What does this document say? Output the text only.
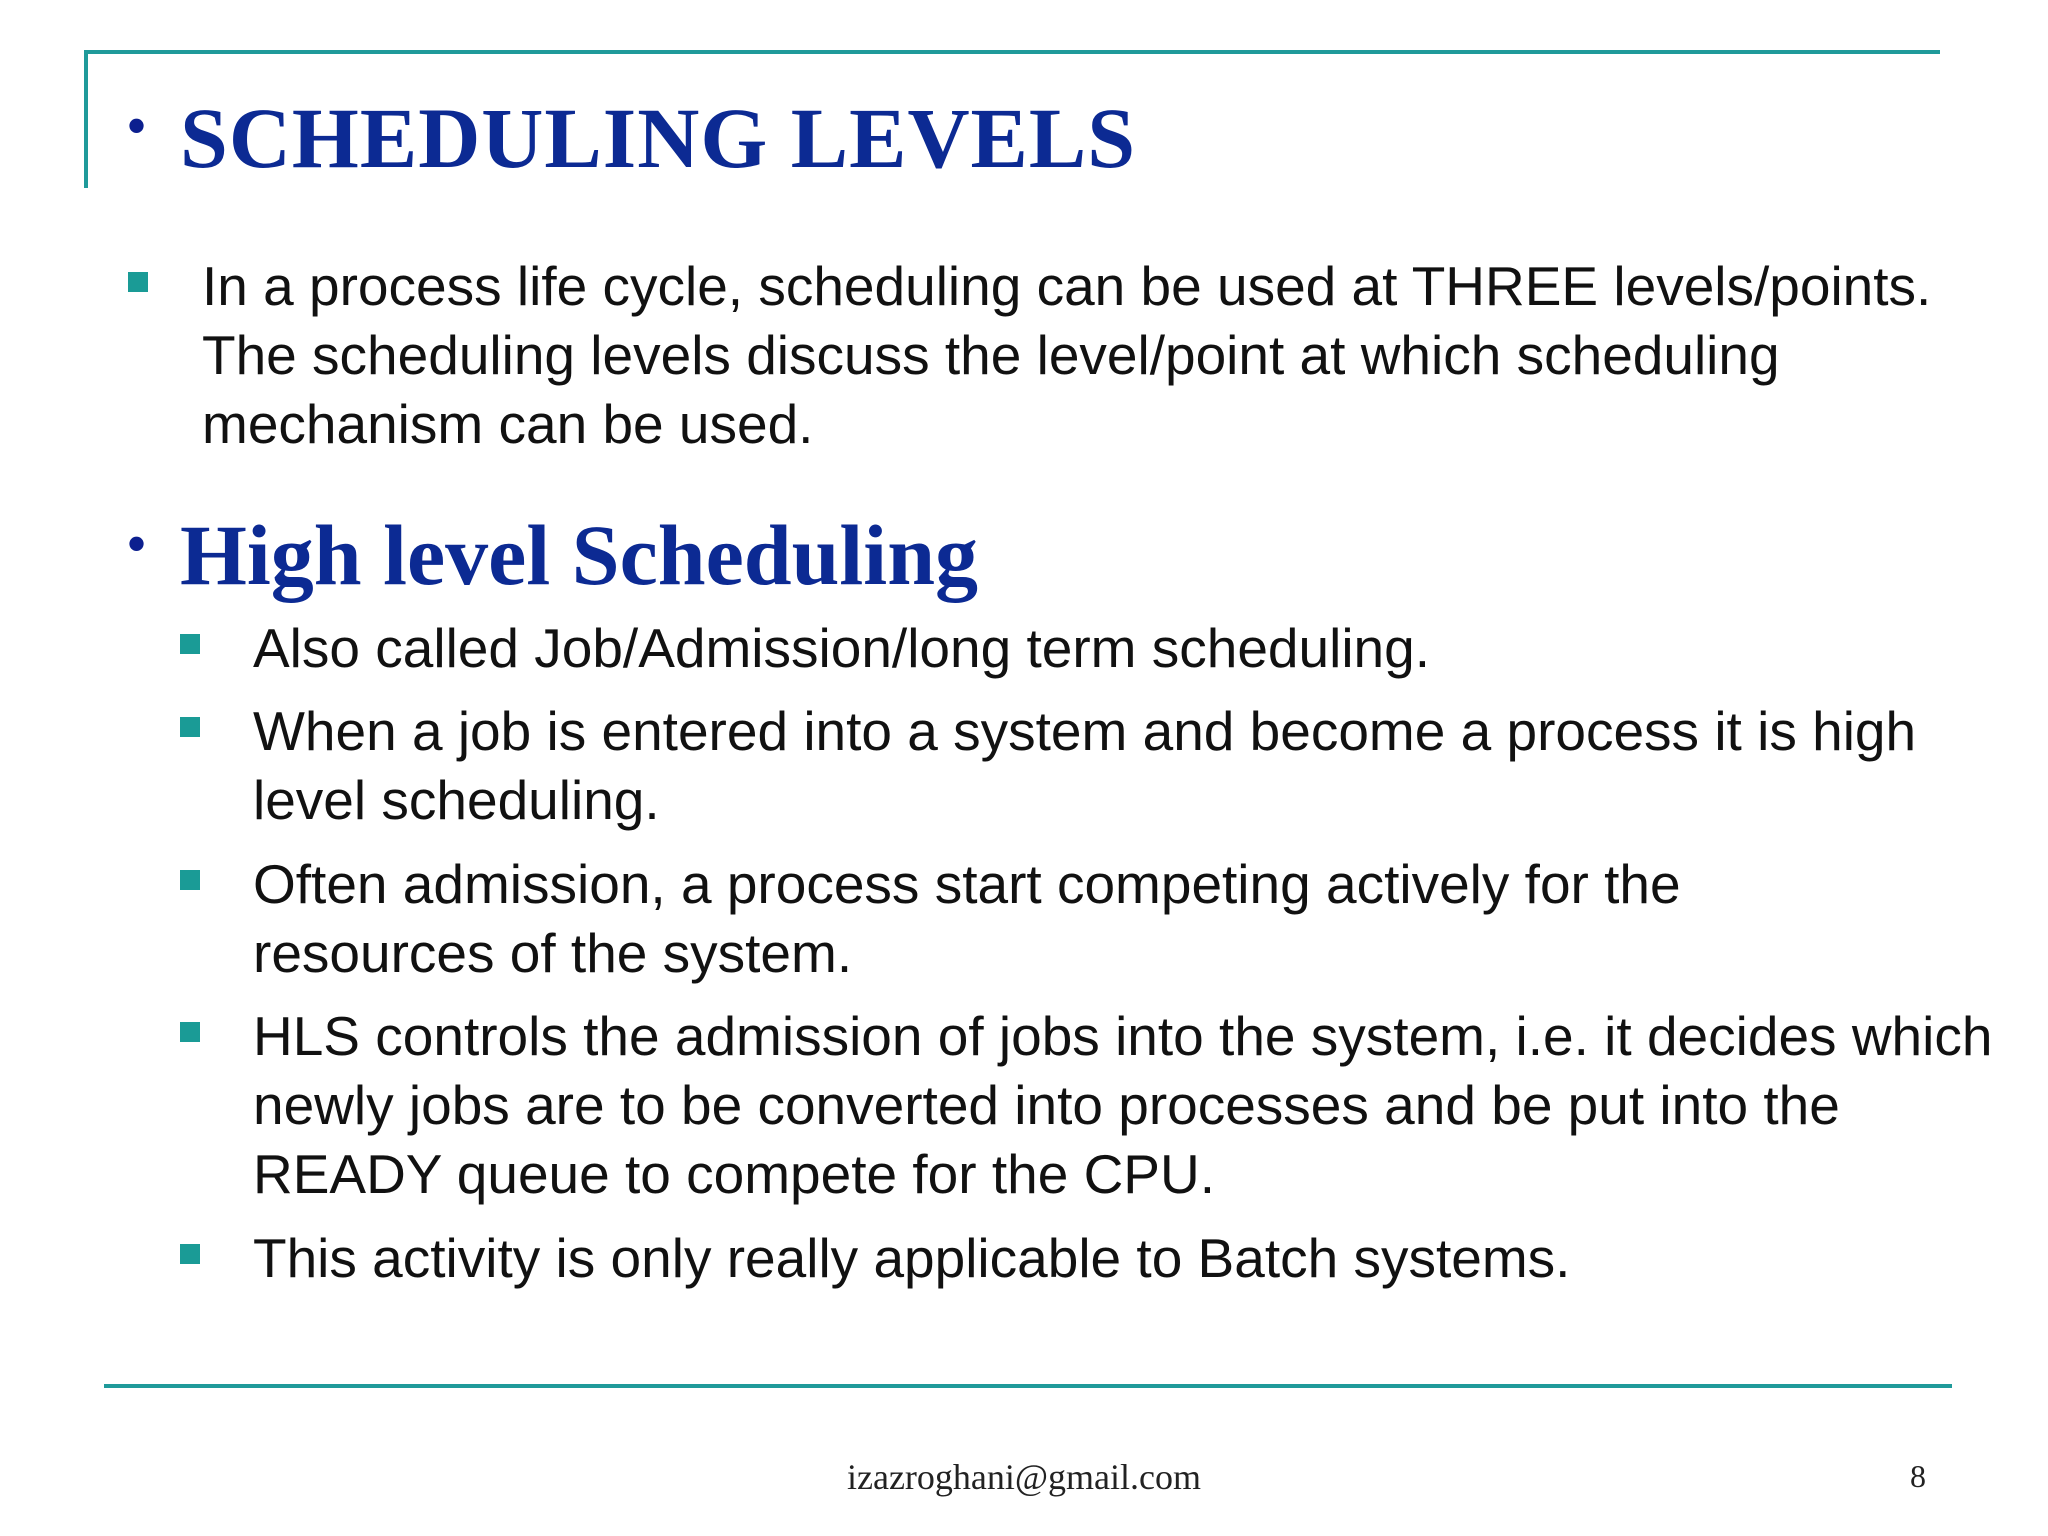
• SCHEDULING LEVELS
In a process life cycle, scheduling can be used at THREE levels/points. The scheduling levels discuss the level/point at which scheduling mechanism can be used.
• High level Scheduling
Also called Job/Admission/long term scheduling.
When a job is entered into a system and become a process it is high level scheduling.
Often admission, a process start competing actively for the resources of the system.
HLS controls the admission of jobs into the system, i.e. it decides which newly jobs are to be converted into processes and be put into the READY queue to compete for the CPU.
This activity is only really applicable to Batch systems.
izazroghani@gmail.com	8
